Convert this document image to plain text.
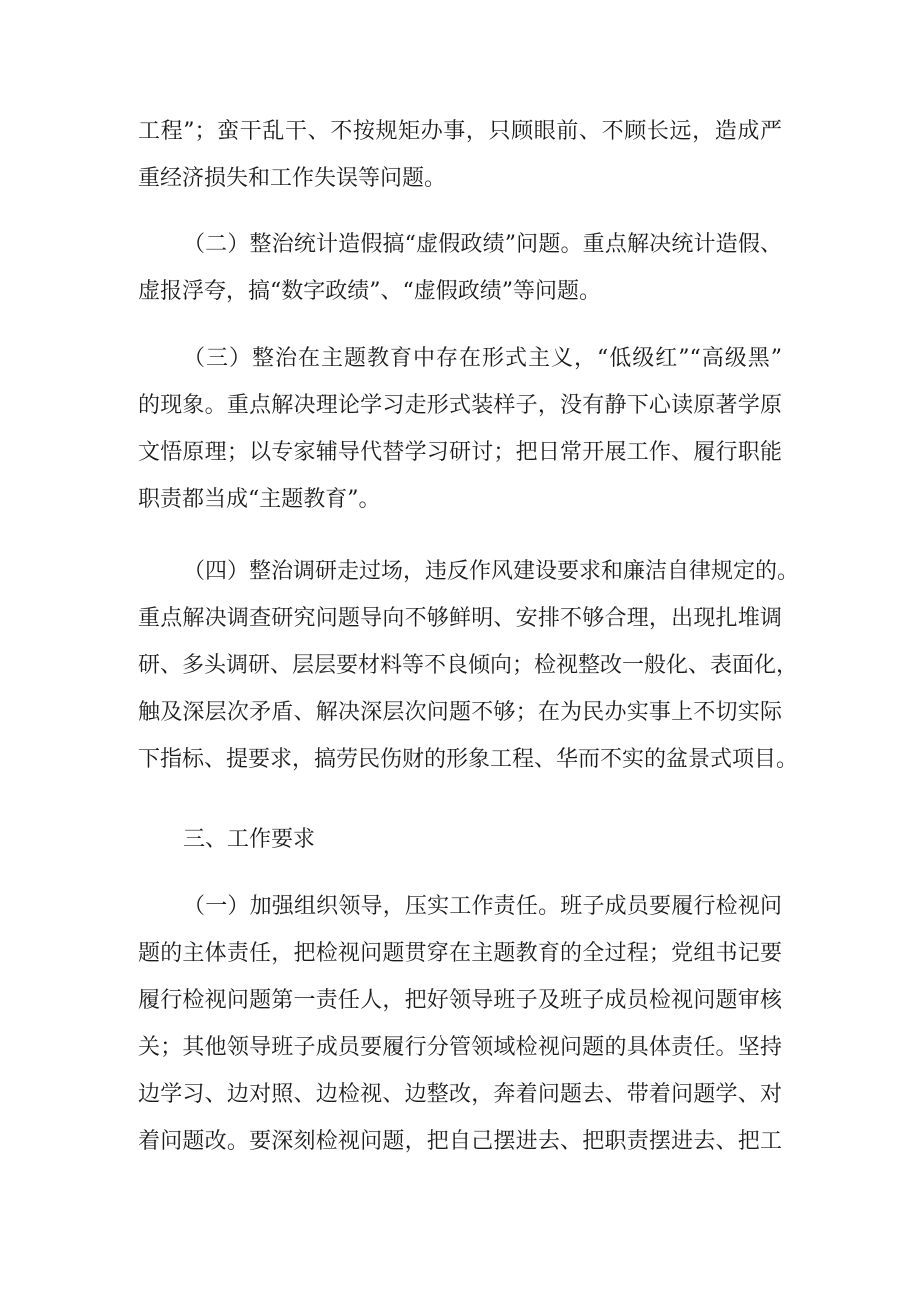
工程”；蛮干乱干、不按规矩办事，只顾眼前、不顾长远，造成严
重经济损失和工作失误等问题。
（二）整治统计造假搞“虚假政绩”问题。重点解决统计造假、
虚报浮夸，搞“数字政绩”、“虚假政绩”等问题。
（三）整治在主题教育中存在形式主义，“低级红”“高级黑”
的现象。重点解决理论学习走形式装样子，没有静下心读原著学原
文悟原理；以专家辅导代替学习研讨；把日常开展工作、履行职能
职责都当成“主题教育”。
（四）整治调研走过场，违反作风建设要求和廉洁自律规定的。
重点解决调查研究问题导向不够鲜明、安排不够合理，出现扎堆调
研、多头调研、层层要材料等不良倾向；检视整改一般化、表面化，
触及深层次矛盾、解决深层次问题不够；在为民办实事上不切实际
下指标、提要求，搞劳民伤财的形象工程、华而不实的盆景式项目。
三、工作要求
（一）加强组织领导，压实工作责任。班子成员要履行检视问
题的主体责任，把检视问题贯穿在主题教育的全过程；党组书记要
履行检视问题第一责任人，把好领导班子及班子成员检视问题审核
关；其他领导班子成员要履行分管领域检视问题的具体责任。坚持
边学习、边对照、边检视、边整改，奔着问题去、带着问题学、对
着问题改。要深刻检视问题，把自己摆进去、把职责摆进去、把工
